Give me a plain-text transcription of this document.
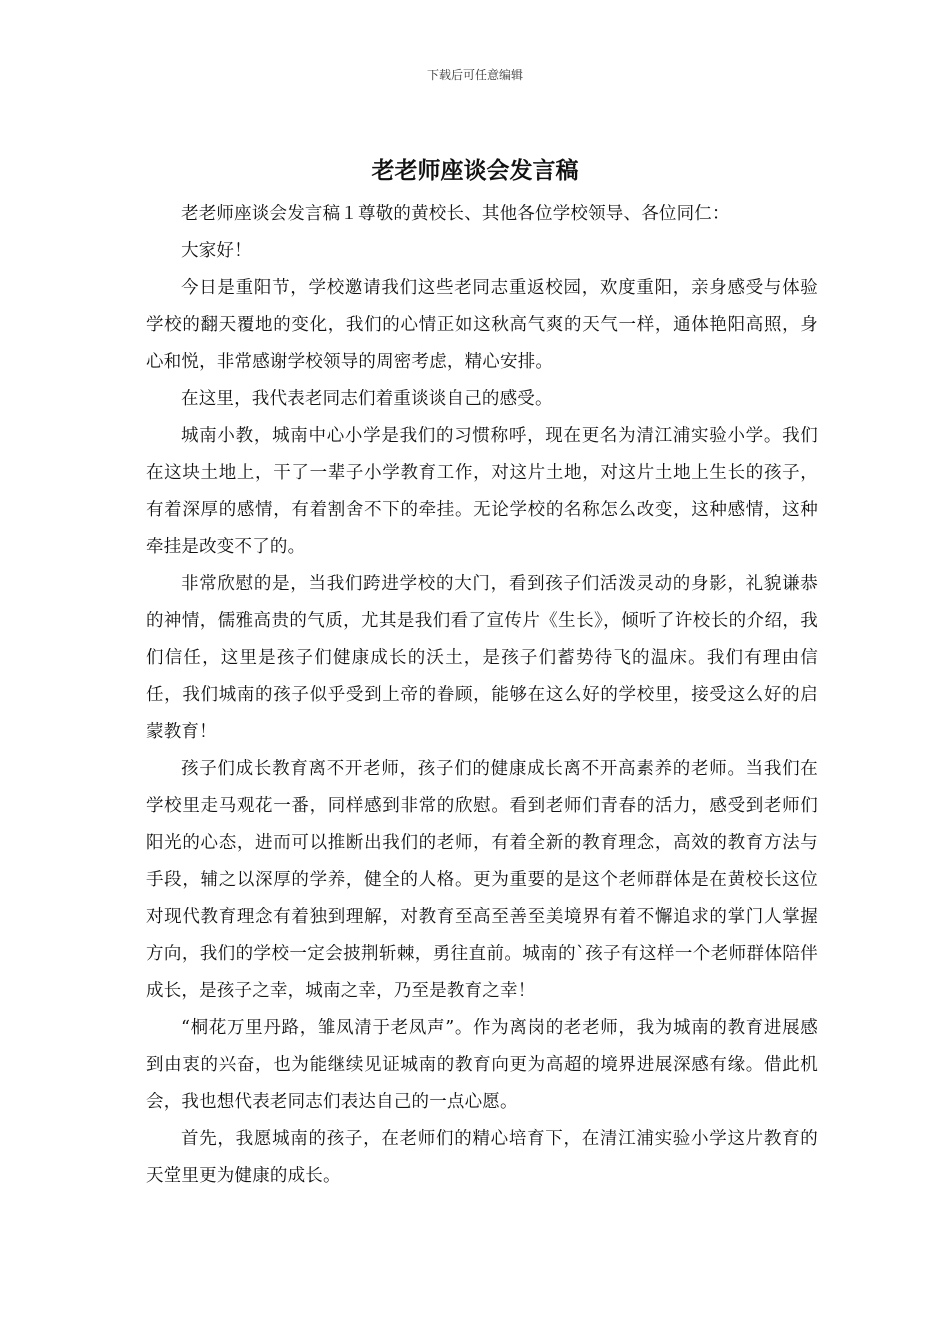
下载后可任意编辑
老老师座谈会发言稿

老老师座谈会发言稿１尊敬的黄校长、其他各位学校领导、各位同仁：

大家好！

今日是重阳节，学校邀请我们这些老同志重返校园，欢度重阳，亲身感受与体验学校的翻天覆地的变化，我们的心情正如这秋高气爽的天气一样，通体艳阳高照，身心和悦，非常感谢学校领导的周密考虑，精心安排。

在这里，我代表老同志们着重谈谈自己的感受。

城南小教，城南中心小学是我们的习惯称呼，现在更名为清江浦实验小学。我们在这块土地上，干了一辈子小学教育工作，对这片土地，对这片土地上生长的孩子，有着深厚的感情，有着割舍不下的牵挂。无论学校的名称怎么改变，这种感情，这种牵挂是改变不了的。

非常欣慰的是，当我们跨进学校的大门，看到孩子们活泼灵动的身影，礼貌谦恭的神情，儒雅高贵的气质，尤其是我们看了宣传片《生长》，倾听了许校长的介绍，我们信任，这里是孩子们健康成长的沃土，是孩子们蓄势待飞的温床。我们有理由信任，我们城南的孩子似乎受到上帝的眷顾，能够在这么好的学校里，接受这么好的启蒙教育！

孩子们成长教育离不开老师，孩子们的健康成长离不开高素养的老师。当我们在学校里走马观花一番，同样感到非常的欣慰。看到老师们青春的活力，感受到老师们阳光的心态，进而可以推断出我们的老师，有着全新的教育理念，高效的教育方法与手段，辅之以深厚的学养，健全的人格。更为重要的是这个老师群体是在黄校长这位对现代教育理念有着独到理解，对教育至高至善至美境界有着不懈追求的掌门人掌握方向，我们的学校一定会披荆斩棘，勇往直前。城南的`孩子有这样一个老师群体陪伴成长，是孩子之幸，城南之幸，乃至是教育之幸！

“桐花万里丹路，雏凤清于老凤声”。作为离岗的老老师，我为城南的教育进展感到由衷的兴奋，也为能继续见证城南的教育向更为高超的境界进展深感有缘。借此机会，我也想代表老同志们表达自己的一点心愿。

首先，我愿城南的孩子，在老师们的精心培育下，在清江浦实验小学这片教育的天堂里更为健康的成长。
